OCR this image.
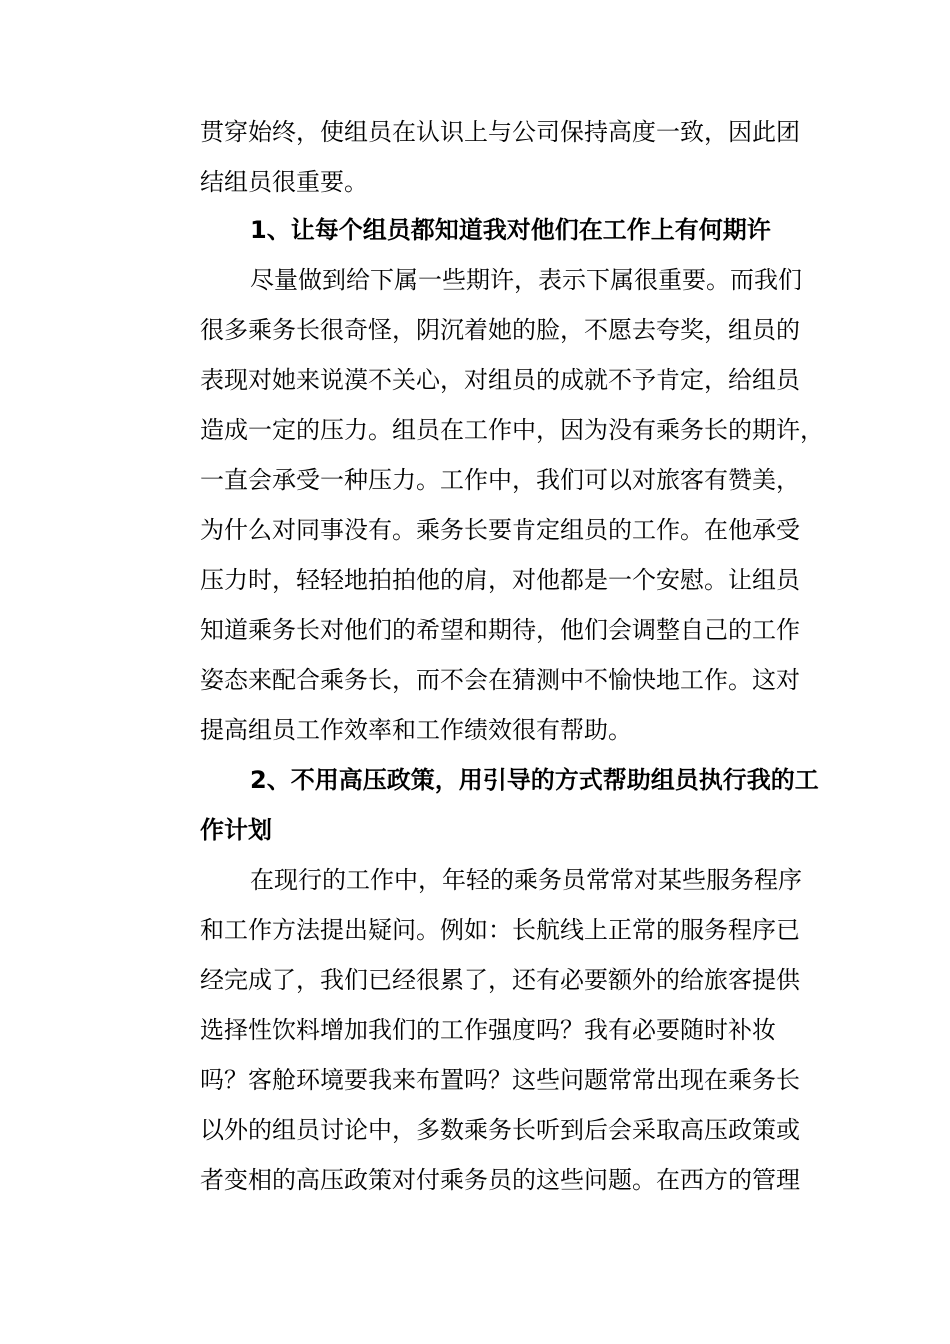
贯穿始终，使组员在认识上与公司保持高度一致，因此团
结组员很重要。
1、让每个组员都知道我对他们在工作上有何期许
尽量做到给下属一些期许，表示下属很重要。而我们
很多乘务长很奇怪，阴沉着她的脸，不愿去夸奖，组员的
表现对她来说漠不关心，对组员的成就不予肯定，给组员
造成一定的压力。组员在工作中，因为没有乘务长的期许，
一直会承受一种压力。工作中，我们可以对旅客有赞美，
为什么对同事没有。乘务长要肯定组员的工作。在他承受
压力时，轻轻地拍拍他的肩，对他都是一个安慰。让组员
知道乘务长对他们的希望和期待，他们会调整自己的工作
姿态来配合乘务长，而不会在猜测中不愉快地工作。这对
提高组员工作效率和工作绩效很有帮助。
2、不用高压政策，用引导的方式帮助组员执行我的工
作计划
在现行的工作中，年轻的乘务员常常对某些服务程序
和工作方法提出疑问。例如：长航线上正常的服务程序已
经完成了，我们已经很累了，还有必要额外的给旅客提供
选择性饮料增加我们的工作强度吗？我有必要随时补妆
吗？客舱环境要我来布置吗？这些问题常常出现在乘务长
以外的组员讨论中，多数乘务长听到后会采取高压政策或
者变相的高压政策对付乘务员的这些问题。在西方的管理
